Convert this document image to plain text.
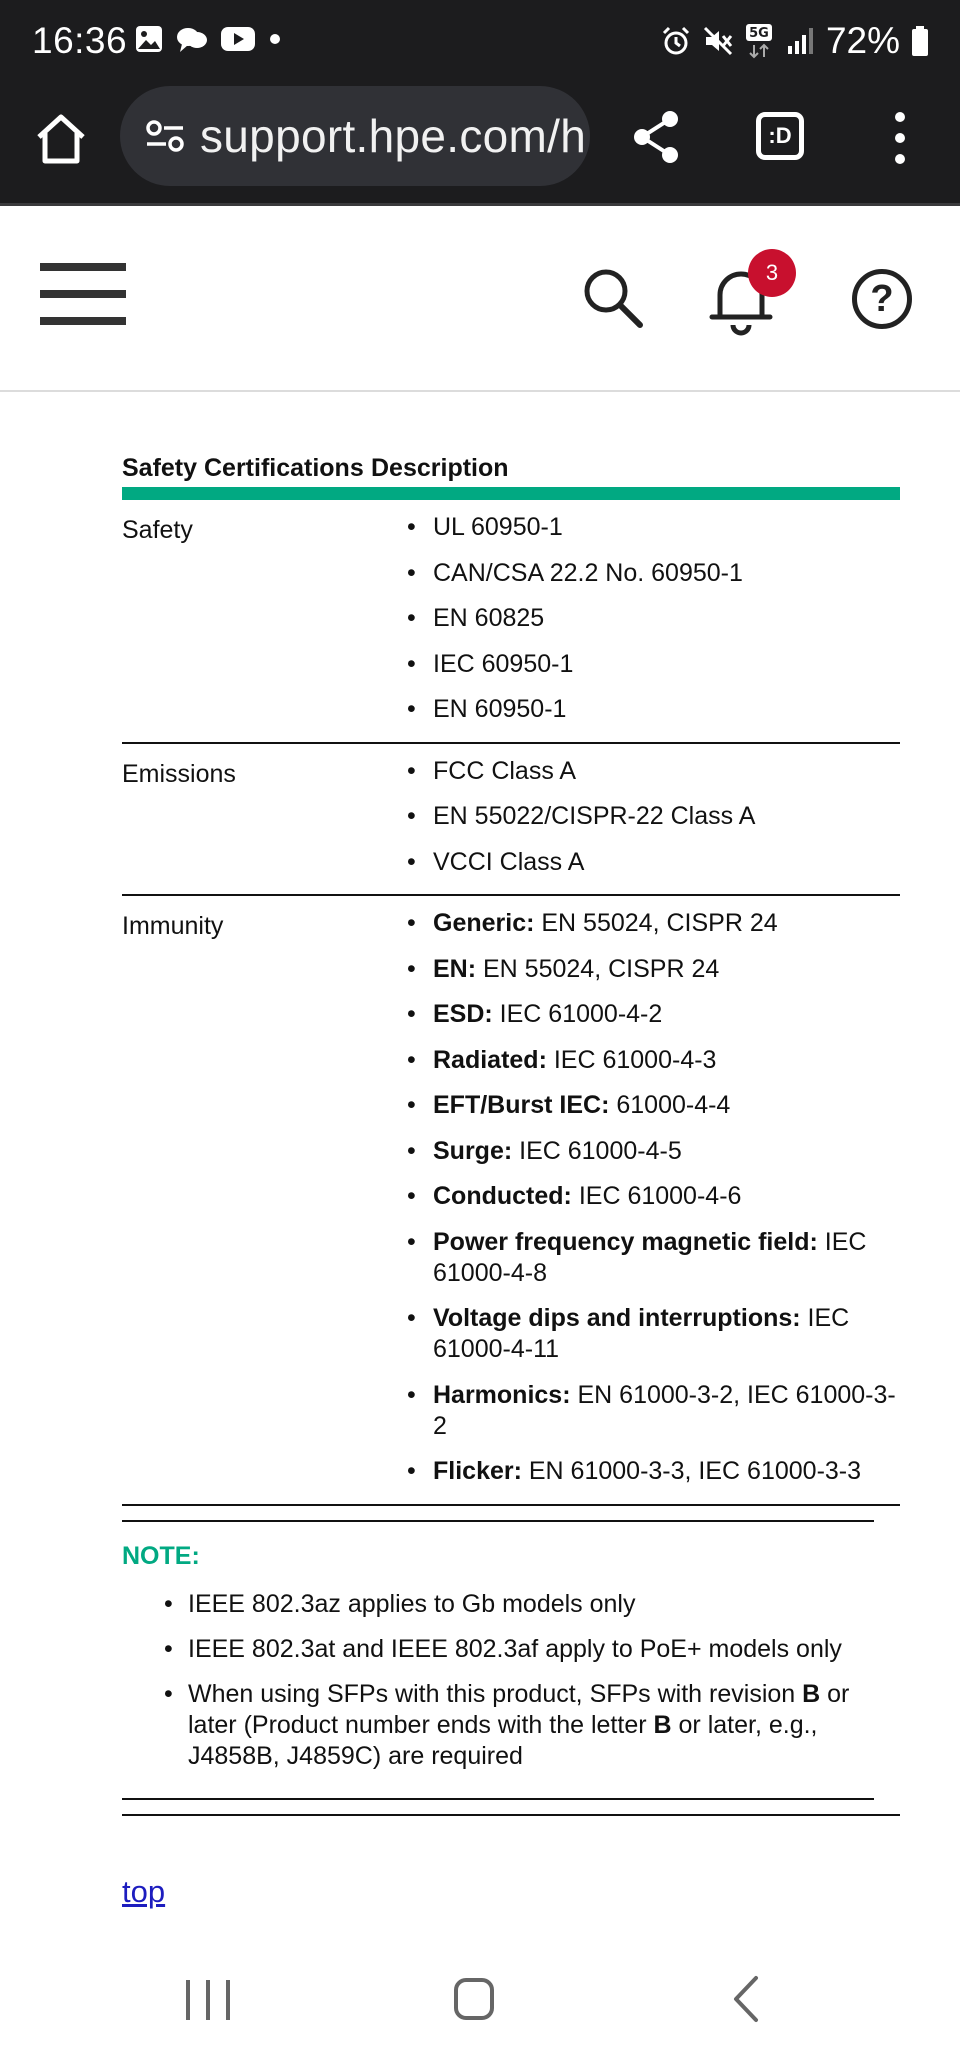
16:36	5G 72%
support.hpe.com/h	:D
3
?
Safety Certifications Description
Safety	• UL 60950-1
• CAN/CSA 22.2 No. 60950-1
• EN 60825
• IEC 60950-1
• EN 60950-1
Emissions	• FCC Class A
• EN 55022/CISPR-22 Class A
• VCCI Class A
Immunity	• Generic: EN 55024, CISPR 24
• EN: EN 55024, CISPR 24
• ESD: IEC 61000-4-2
• Radiated: IEC 61000-4-3
• EFT/Burst IEC: 61000-4-4
• Surge: IEC 61000-4-5
• Conducted: IEC 61000-4-6
• Power frequency magnetic field: IEC 61000-4-8
• Voltage dips and interruptions: IEC 61000-4-11
• Harmonics: EN 61000-3-2, IEC 61000-3-2
• Flicker: EN 61000-3-3, IEC 61000-3-3
NOTE:
• IEEE 802.3az applies to Gb models only
• IEEE 802.3at and IEEE 802.3af apply to PoE+ models only
• When using SFPs with this product, SFPs with revision B or later (Product number ends with the letter B or later, e.g., J4858B, J4859C) are required
top
